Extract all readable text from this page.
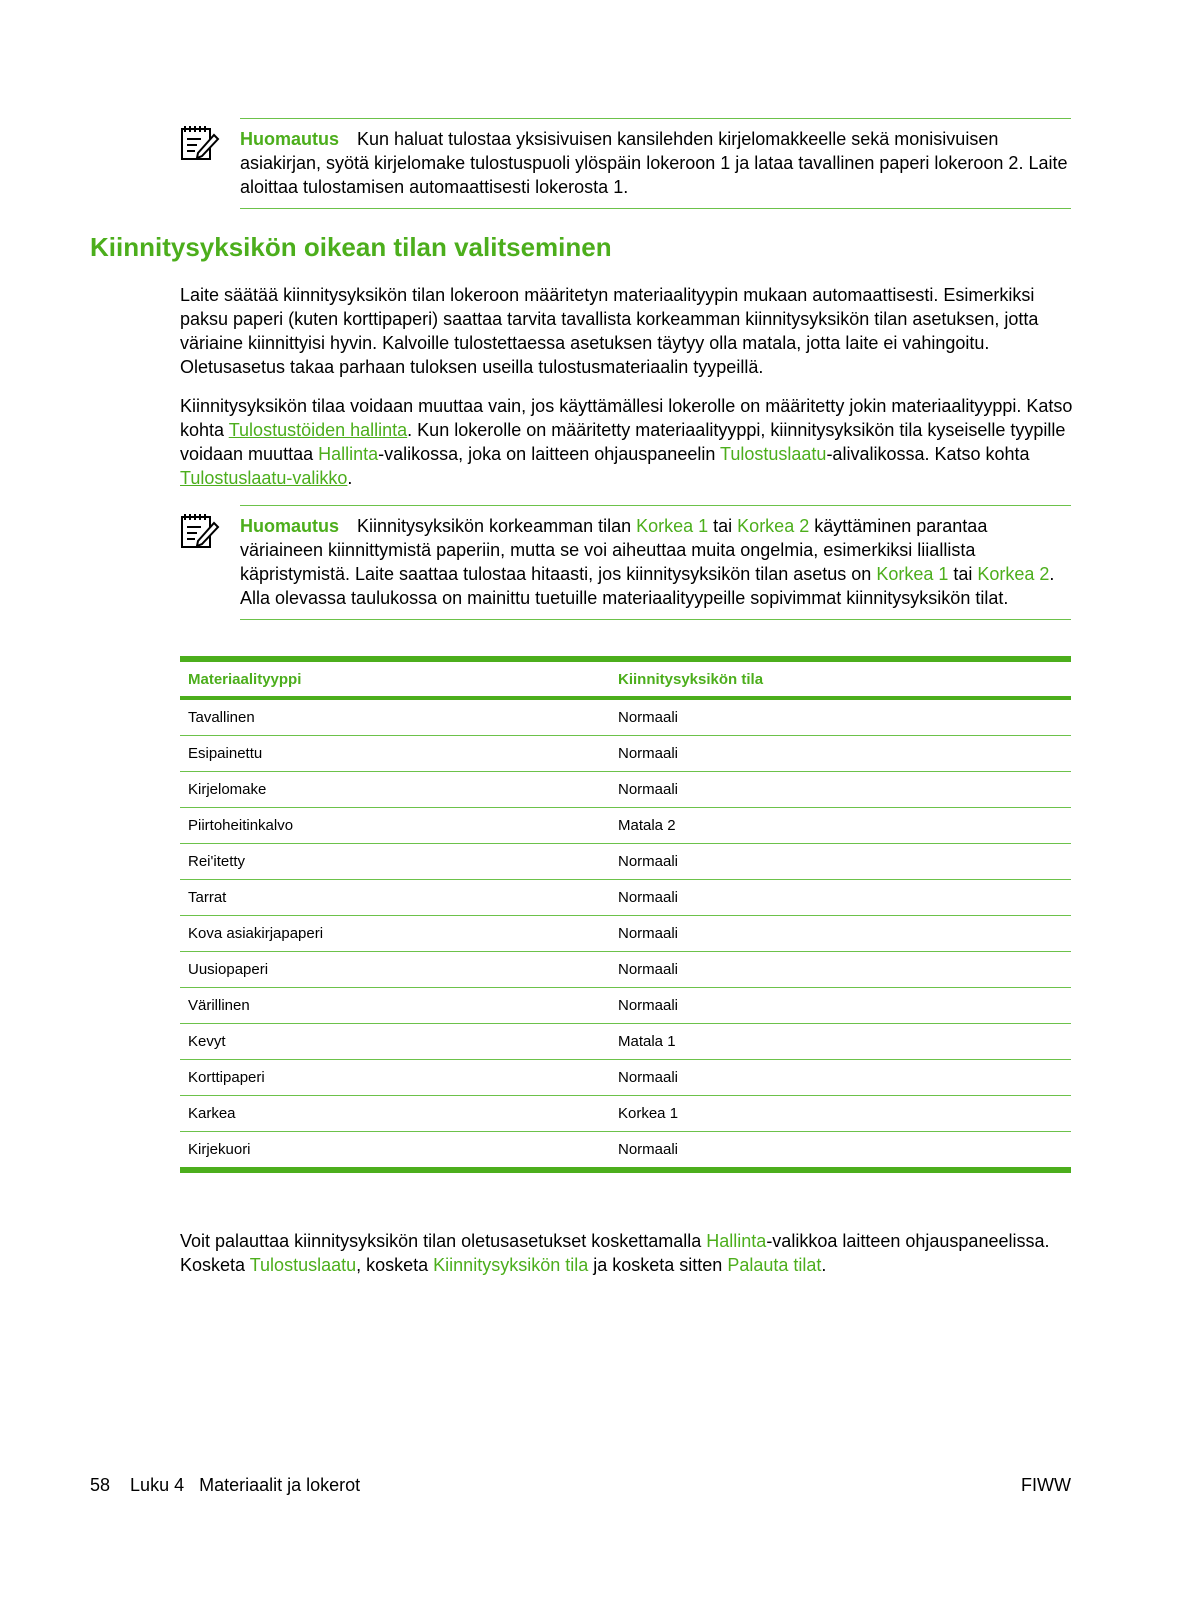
Huomautus Kun haluat tulostaa yksisivuisen kansilehden kirjelomakkeelle sekä monisivuisen asiakirjan, syötä kirjelomake tulostuspuoli ylöspäin lokeroon 1 ja lataa tavallinen paperi lokeroon 2. Laite aloittaa tulostamisen automaattisesti lokerosta 1.

Kiinnitysyksikön oikean tilan valitseminen

Laite säätää kiinnitysyksikön tilan lokeroon määritetyn materiaalityypin mukaan automaattisesti. Esimerkiksi paksu paperi (kuten korttipaperi) saattaa tarvita tavallista korkeamman kiinnitysyksikön tilan asetuksen, jotta väriaine kiinnittyisi hyvin. Kalvoille tulostettaessa asetuksen täytyy olla matala, jotta laite ei vahingoitu. Oletusasetus takaa parhaan tuloksen useilla tulostusmateriaalin tyypeillä.

Kiinnitysyksikön tilaa voidaan muuttaa vain, jos käyttämällesi lokerolle on määritetty jokin materiaalityyppi. Katso kohta Tulostustöiden hallinta. Kun lokerolle on määritetty materiaalityyppi, kiinnitysyksikön tila kyseiselle tyypille voidaan muuttaa Hallinta-valikossa, joka on laitteen ohjauspaneelin Tulostuslaatu-alivalikossa. Katso kohta Tulostuslaatu-valikko.

Huomautus Kiinnitysyksikön korkeamman tilan Korkea 1 tai Korkea 2 käyttäminen parantaa väriaineen kiinnittymistä paperiin, mutta se voi aiheuttaa muita ongelmia, esimerkiksi liiallista käpristymistä. Laite saattaa tulostaa hitaasti, jos kiinnitysyksikön tilan asetus on Korkea 1 tai Korkea 2. Alla olevassa taulukossa on mainittu tuetuille materiaalityypeille sopivimmat kiinnitysyksikön tilat.

Materiaalityyppi	Kiinnitysyksikön tila
Tavallinen	Normaali
Esipainettu	Normaali
Kirjelomake	Normaali
Piirtoheitinkalvo	Matala 2
Rei'itetty	Normaali
Tarrat	Normaali
Kova asiakirjapaperi	Normaali
Uusiopaperi	Normaali
Värillinen	Normaali
Kevyt	Matala 1
Korttipaperi	Normaali
Karkea	Korkea 1
Kirjekuori	Normaali

Voit palauttaa kiinnitysyksikön tilan oletusasetukset koskettamalla Hallinta-valikkoa laitteen ohjauspaneelissa. Kosketa Tulostuslaatu, kosketa Kiinnitysyksikön tila ja kosketa sitten Palauta tilat.

58 Luku 4 Materiaalit ja lokerot	FIWW
